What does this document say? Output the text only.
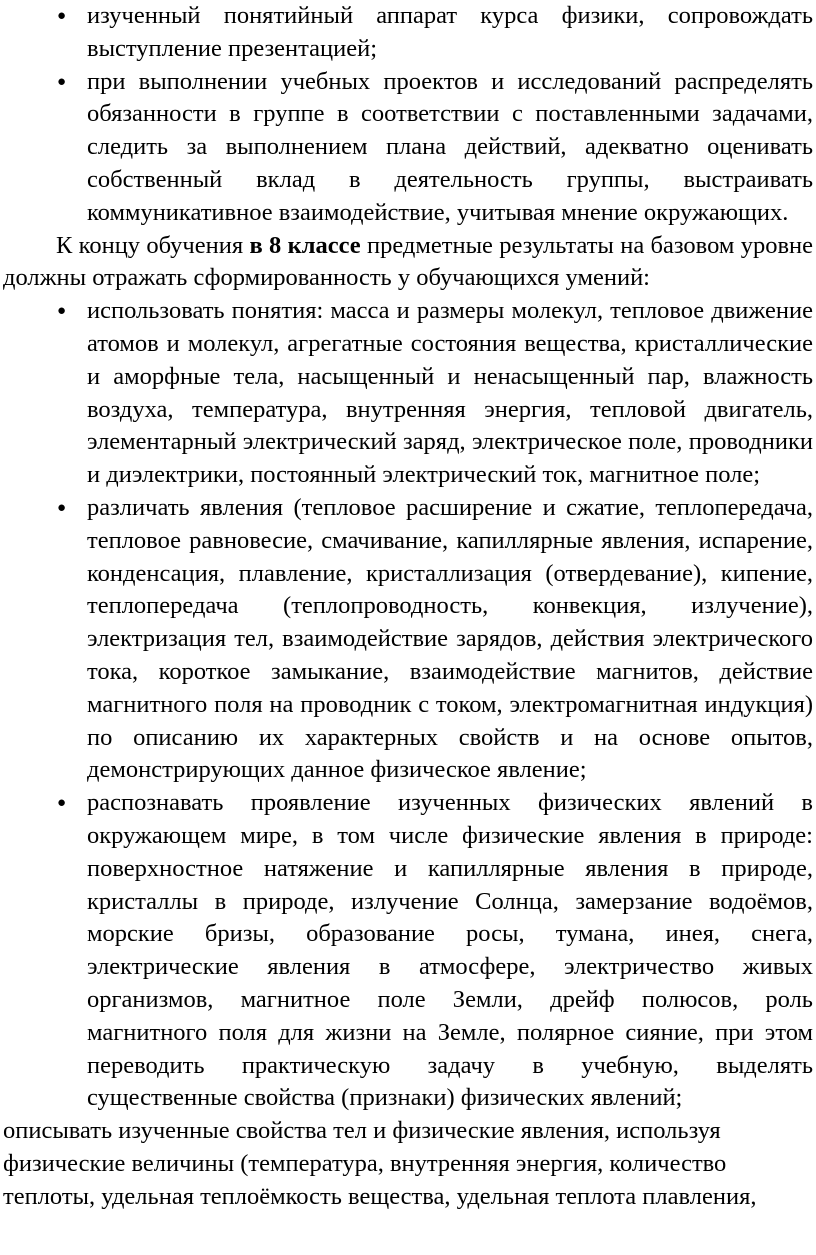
● изученный понятийный аппарат курса физики, сопровождать выступление презентацией;
● при выполнении учебных проектов и исследований распределять обязанности в группе в соответствии с поставленными задачами, следить за выполнением плана действий, адекватно оценивать собственный вклад в деятельность группы, выстраивать коммуникативное взаимодействие, учитывая мнение окружающих.

К концу обучения в 8 классе предметные результаты на базовом уровне должны отражать сформированность у обучающихся умений:

● использовать понятия: масса и размеры молекул, тепловое движение атомов и молекул, агрегатные состояния вещества, кристаллические и аморфные тела, насыщенный и ненасыщенный пар, влажность воздуха, температура, внутренняя энергия, тепловой двигатель, элементарный электрический заряд, электрическое поле, проводники и диэлектрики, постоянный электрический ток, магнитное поле;
● различать явления (тепловое расширение и сжатие, теплопередача, тепловое равновесие, смачивание, капиллярные явления, испарение, конденсация, плавление, кристаллизация (отвердевание), кипение, теплопередача (теплопроводность, конвекция, излучение), электризация тел, взаимодействие зарядов, действия электрического тока, короткое замыкание, взаимодействие магнитов, действие магнитного поля на проводник с током, электромагнитная индукция) по описанию их характерных свойств и на основе опытов, демонстрирующих данное физическое явление;
● распознавать проявление изученных физических явлений в окружающем мире, в том числе физические явления в природе: поверхностное натяжение и капиллярные явления в природе, кристаллы в природе, излучение Солнца, замерзание водоёмов, морские бризы, образование росы, тумана, инея, снега, электрические явления в атмосфере, электричество живых организмов, магнитное поле Земли, дрейф полюсов, роль магнитного поля для жизни на Земле, полярное сияние, при этом переводить практическую задачу в учебную, выделять существенные свойства (признаки) физических явлений;

описывать изученные свойства тел и физические явления, используя

физические величины (температура, внутренняя энергия, количество

теплоты, удельная теплоёмкость вещества, удельная теплота плавления,
